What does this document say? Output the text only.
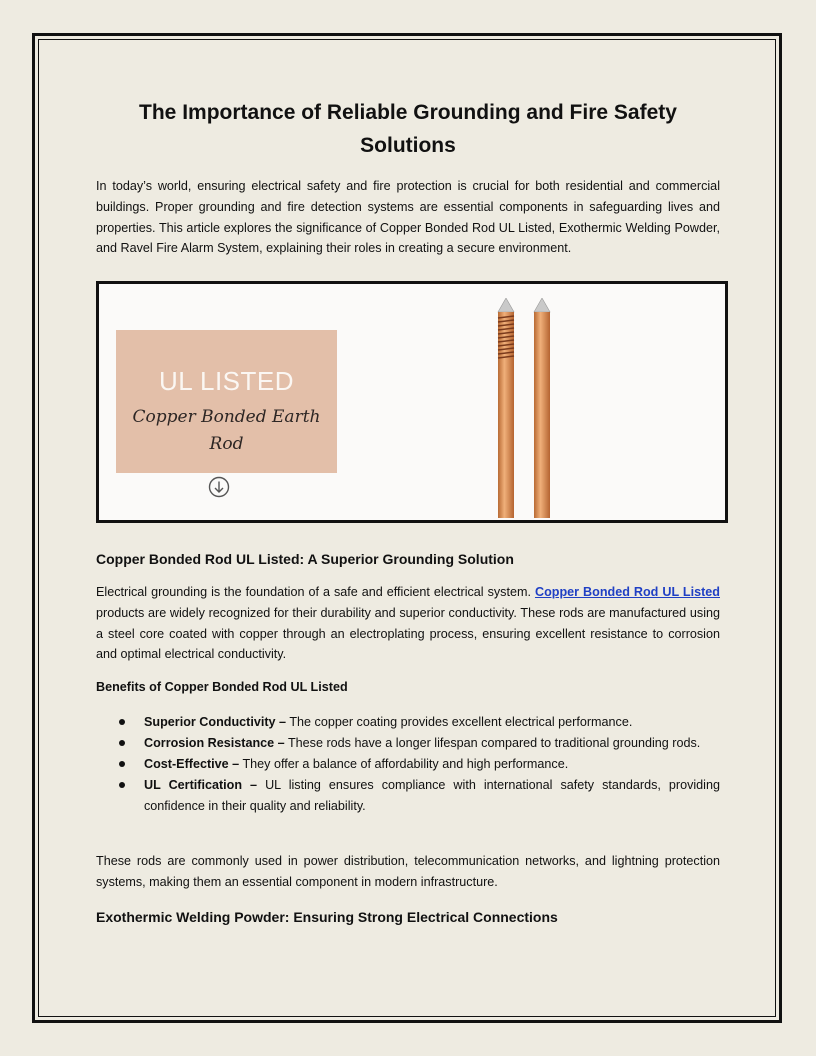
The Importance of Reliable Grounding and Fire Safety Solutions

In today’s world, ensuring electrical safety and fire protection is crucial for both residential and commercial buildings. Proper grounding and fire detection systems are essential components in safeguarding lives and properties. This article explores the significance of Copper Bonded Rod UL Listed, Exothermic Welding Powder, and Ravel Fire Alarm System, explaining their roles in creating a secure environment.

UL LISTED
Copper Bonded Earth
Rod
Copper Bonded Rod UL Listed: A Superior Grounding Solution

Electrical grounding is the foundation of a safe and efficient electrical system. Copper Bonded Rod UL Listed products are widely recognized for their durability and superior conductivity. These rods are manufactured using a steel core coated with copper through an electroplating process, ensuring excellent resistance to corrosion and optimal electrical conductivity.

Benefits of Copper Bonded Rod UL Listed
Superior Conductivity – The copper coating provides excellent electrical performance.
Corrosion Resistance – These rods have a longer lifespan compared to traditional grounding rods.
Cost-Effective – They offer a balance of affordability and high performance.
UL Certification – UL listing ensures compliance with international safety standards, providing confidence in their quality and reliability.

These rods are commonly used in power distribution, telecommunication networks, and lightning protection systems, making them an essential component in modern infrastructure.

Exothermic Welding Powder: Ensuring Strong Electrical Connections
